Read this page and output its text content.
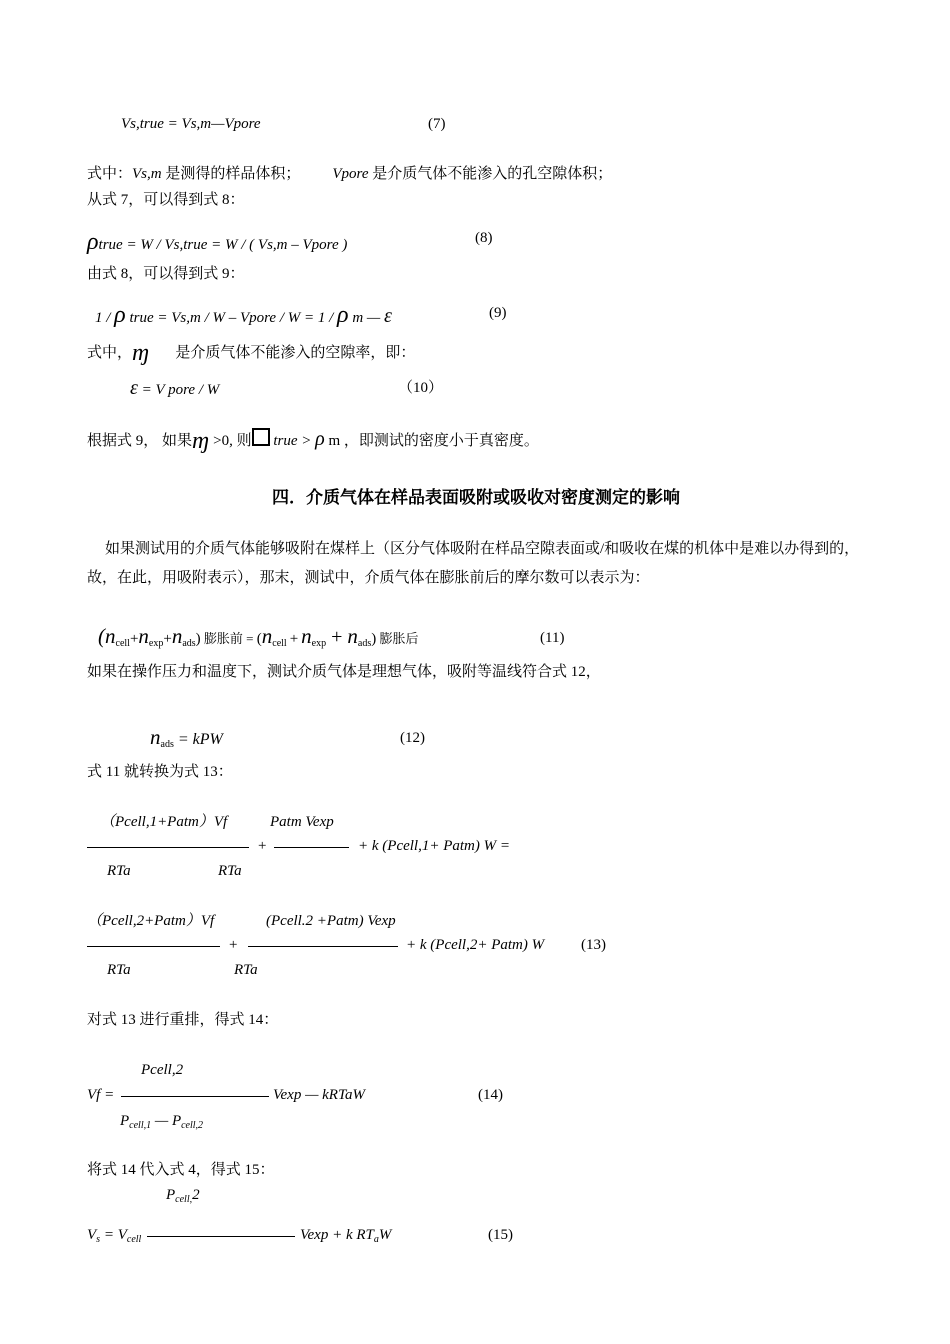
Vs,true = Vs,m—Vpore	(7)
式中：Vs,m 是测得的样品体积； Vpore 是介质气体不能渗入的孔空隙体积；
从式 7，可以得到式 8：
ρtrue = W / Vs,true = W / ( Vs,m – Vpore )	(8)
由式 8，可以得到式 9：
1 / ρ true = Vs,m / W – Vpore / W = 1 / ρ m — ε	(9)
式中，ɱ 是介质气体不能渗入的空隙率，即：
ε = V pore / W	（10）
根据式 9， 如果ɱ >0, 则 true > ρ m ，即测试的密度小于真密度。
四．介质气体在样品表面吸附或吸收对密度测定的影响
如果测试用的介质气体能够吸附在煤样上（区分气体吸附在样品空隙表面或/和吸收在煤的机体中是难以办得到的，故，在此，用吸附表示），那末，测试中，介质气体在膨胀前后的摩尔数可以表示为：
$(n_{cell}+n_{exp}+n_{ads})$ 膨胀前 = $(n_{cell} + n_{exp} + n_{ads})$ 膨胀后	(11)
如果在操作压力和温度下，测试介质气体是理想气体，吸附等温线符合式 12，
$n_{ads}$ = kPW	(12)
式 11 就转换为式 13：
（Pcell,1+Patm）Vf	Patm Vexp
+	+ k (Pcell,1+ Patm) W =
RTa	RTa
（Pcell,2+Patm）Vf	(Pcell.2 +Patm) Vexp
+	+ k (Pcell,2+ Patm) W (13)
RTa	RTa
对式 13 进行重排，得式 14：
Pcell,2
Vf =	Vexp — kRTaW	(14)
$P_{cell,1}$ — $P_{cell,2}$
将式 14 代入式 4，得式 15：
$P_{cell,}2$
$V_s = V_{cell}$	Vexp + k $RT_aW$	(15)
